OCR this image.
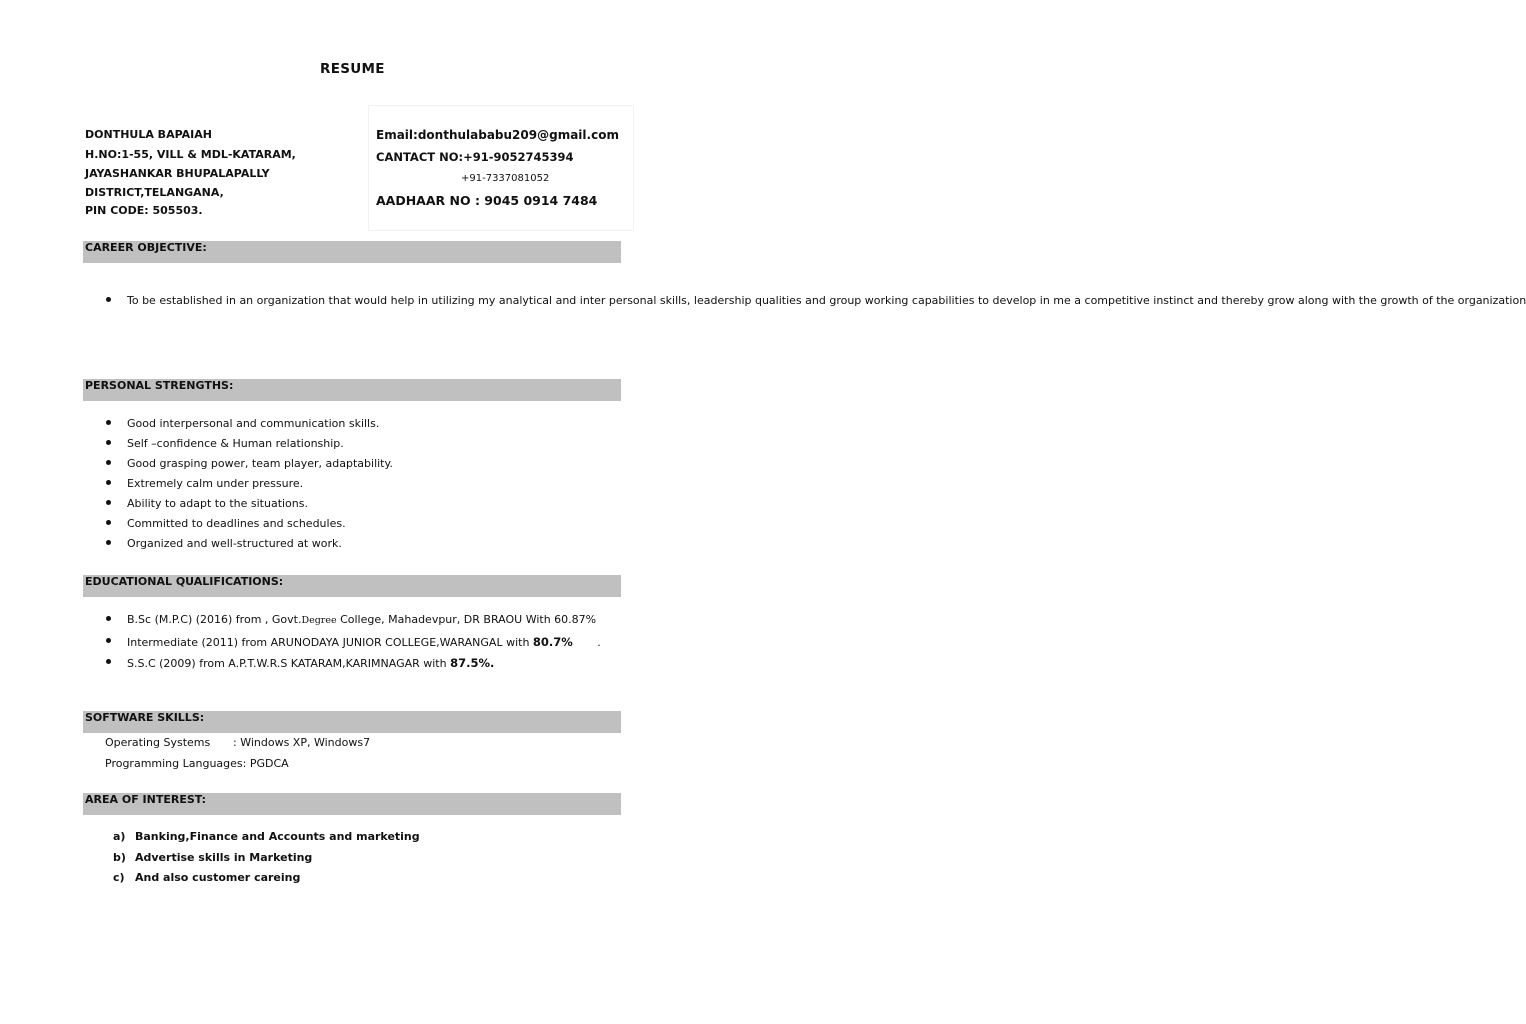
RESUME
DONTHULA BAPAIAH
H.NO:1-55, VILL & MDL-KATARAM,
JAYASHANKAR BHUPALAPALLY
DISTRICT,TELANGANA,
PIN CODE: 505503.
Email:donthulababu209@gmail.com
CANTACT NO:+91-9052745394
+91-7337081052
AADHAAR NO : 9045 0914 7484
CAREER OBJECTIVE:
To be established in an organization that would help in utilizing my analytical and inter personal skills, leadership qualities and group working capabilities to develop in me a competitive instinct and thereby grow along with the growth of the organization
PERSONAL STRENGTHS:
Good interpersonal and communication skills.
Self –confidence & Human relationship.
Good grasping power, team player, adaptability.
Extremely calm under pressure.
Ability to adapt to the situations.
Committed to deadlines and schedules.
Organized and well-structured at work.
EDUCATIONAL QUALIFICATIONS:
B.Sc (M.P.C) (2016) from , Govt.Degree College, Mahadevpur, DR BRAOU With 60.87%
Intermediate (2011) from ARUNODAYA JUNIOR COLLEGE,WARANGAL with 80.7%       .
S.S.C (2009) from A.P.T.W.R.S KATARAM,KARIMNAGAR with 87.5%.
SOFTWARE SKILLS:
Operating Systems : Windows XP, Windows7
Programming Languages: PGDCA
AREA OF INTEREST:
a) Banking,Finance and Accounts and marketing
b) Advertise skills in Marketing
c) And also customer careing
